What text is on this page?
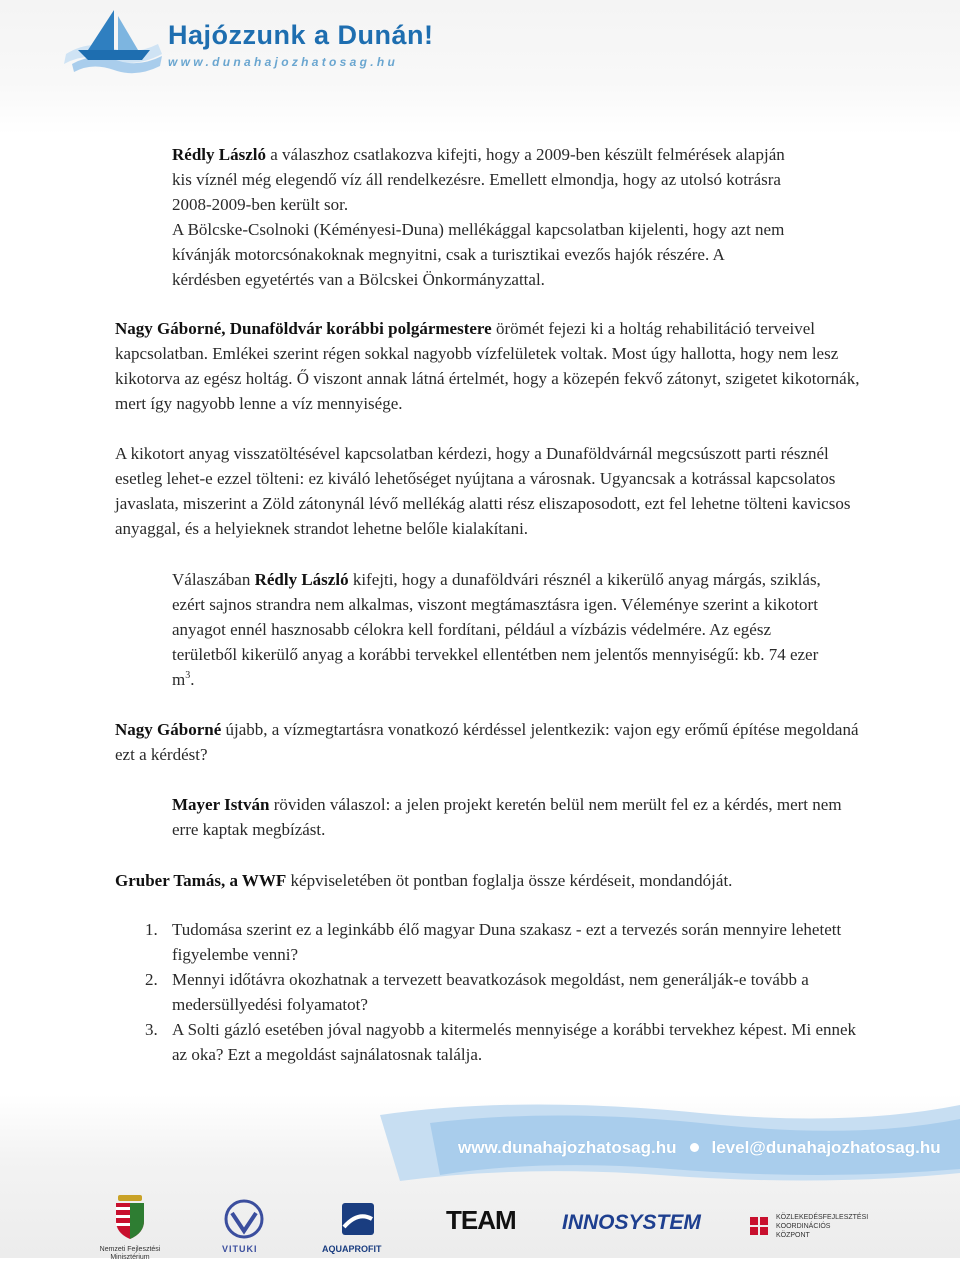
Hajózzunk a Dunán!
www.dunahajozhatosag.hu

Rédly László a válaszhoz csatlakozva kifejti, hogy a 2009-ben készült felmérések alapján
kis víznél még elegendő víz áll rendelkezésre. Emellett elmondja, hogy az utolsó kotrásra
2008-2009-ben került sor.
A Bölcske-Csolnoki (Kéményesi-Duna) mellékággal kapcsolatban kijelenti, hogy azt nem
kívánják motorcsónakoknak megnyitni, csak a turisztikai evezős hajók részére. A
kérdésben egyetértés van a Bölcskei Önkormányzattal.

Nagy Gáborné, Dunaföldvár korábbi polgármestere örömét fejezi ki a holtág rehabilitáció terveivel kapcsolatban. Emlékei szerint régen sokkal nagyobb vízfelületek voltak. Most úgy hallotta, hogy nem lesz kikotorva az egész holtág. Ő viszont annak látná értelmét, hogy a közepén fekvő zátonyt, szigetet kikotornák, mert így nagyobb lenne a víz mennyisége.

A kikotort anyag visszatöltésével kapcsolatban kérdezi, hogy a Dunaföldvárnál megcsúszott parti résznél esetleg lehet-e ezzel tölteni: ez kiváló lehetőséget nyújtana a városnak. Ugyancsak a kotrással kapcsolatos javaslata, miszerint a Zöld zátonynál lévő mellékág alatti rész eliszaposodott, ezt fel lehetne tölteni kavicsos anyaggal, és a helyieknek strandot lehetne belőle kialakítani.

Válaszában Rédly László kifejti, hogy a dunaföldvári résznél a kikerülő anyag márgás, sziklás, ezért sajnos strandra nem alkalmas, viszont megtámasztásra igen. Véleménye szerint a kikotort anyagot ennél hasznosabb célokra kell fordítani, például a vízbázis védelmére. Az egész területből kikerülő anyag a korábbi tervekkel ellentétben nem jelentős mennyiségű: kb. 74 ezer $m^3$.

Nagy Gáborné újabb, a vízmegtartásra vonatkozó kérdéssel jelentkezik: vajon egy erőmű építése megoldaná ezt a kérdést?

Mayer István röviden válaszol: a jelen projekt keretén belül nem merült fel ez a kérdés, mert nem erre kaptak megbízást.

Gruber Tamás, a WWF képviseletében öt pontban foglalja össze kérdéseit, mondandóját.

1. Tudomása szerint ez a leginkább élő magyar Duna szakasz - ezt a tervezés során mennyire lehetett figyelembe venni?
2. Mennyi időtávra okozhatnak a tervezett beavatkozások megoldást, nem generálják-e tovább a medersüllyedési folyamatot?
3. A Solti gázló esetében jóval nagyobb a kitermelés mennyisége a korábbi tervekhez képest. Mi ennek az oka? Ezt a megoldást sajnálatosnak találja.
www.dunahajozhatosag.hu level@dunahajozhatosag.hu
Nemzeti Fejlesztési Minisztérium
VITUKI	AQUAPROFIT
TEAM INNOSYSTEM	KÖZLEKEDÉSFEJLESZTÉSI
KOORDINÁCIÓS
KÖZPONT
